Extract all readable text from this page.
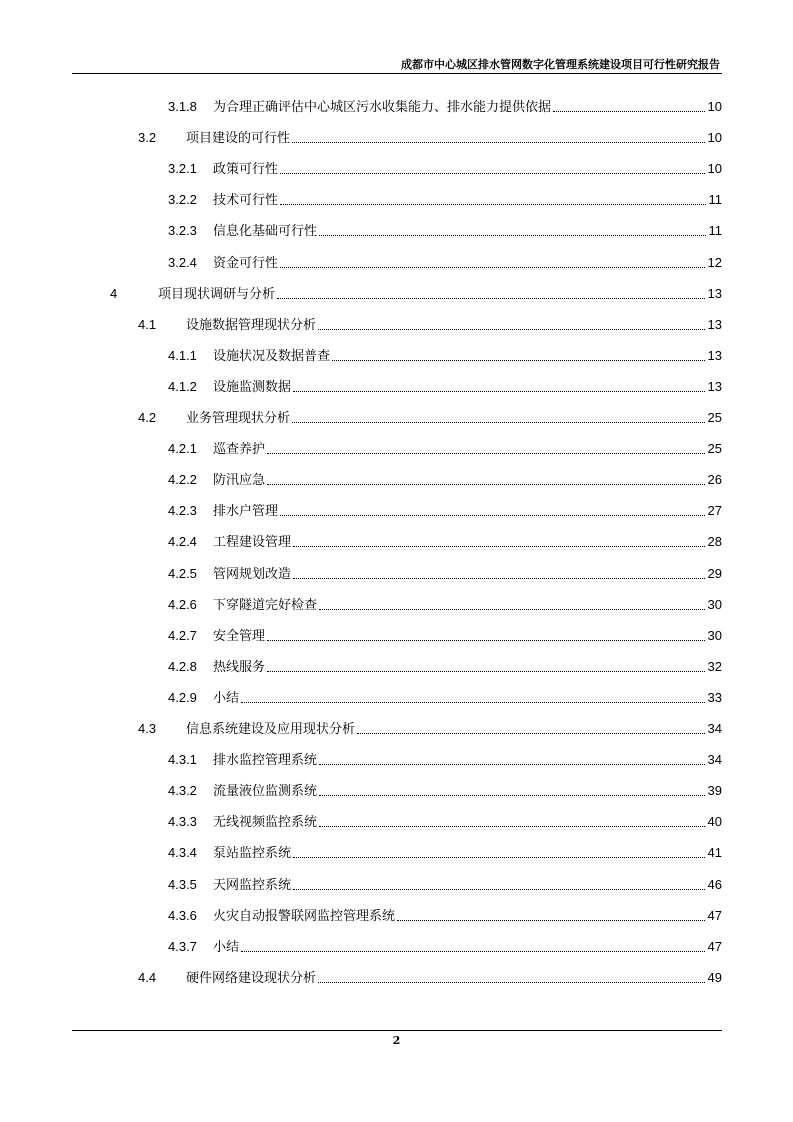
成都市中心城区排水管网数字化管理系统建设项目可行性研究报告
3.1.8	为合理正确评估中心城区污水收集能力、排水能力提供依据	10
3.2	项目建设的可行性	10
3.2.1	政策可行性	10
3.2.2	技术可行性	11
3.2.3	信息化基础可行性	11
3.2.4	资金可行性	12
4	项目现状调研与分析	13
4.1	设施数据管理现状分析	13
4.1.1	设施状况及数据普查	13
4.1.2	设施监测数据	13
4.2	业务管理现状分析	25
4.2.1	巡查养护	25
4.2.2	防汛应急	26
4.2.3	排水户管理	27
4.2.4	工程建设管理	28
4.2.5	管网规划改造	29
4.2.6	下穿隧道完好检查	30
4.2.7	安全管理	30
4.2.8	热线服务	32
4.2.9	小结	33
4.3	信息系统建设及应用现状分析	34
4.3.1	排水监控管理系统	34
4.3.2	流量液位监测系统	39
4.3.3	无线视频监控系统	40
4.3.4	泵站监控系统	41
4.3.5	天网监控系统	46
4.3.6	火灾自动报警联网监控管理系统	47
4.3.7	小结	47
4.4	硬件网络建设现状分析	49
2
